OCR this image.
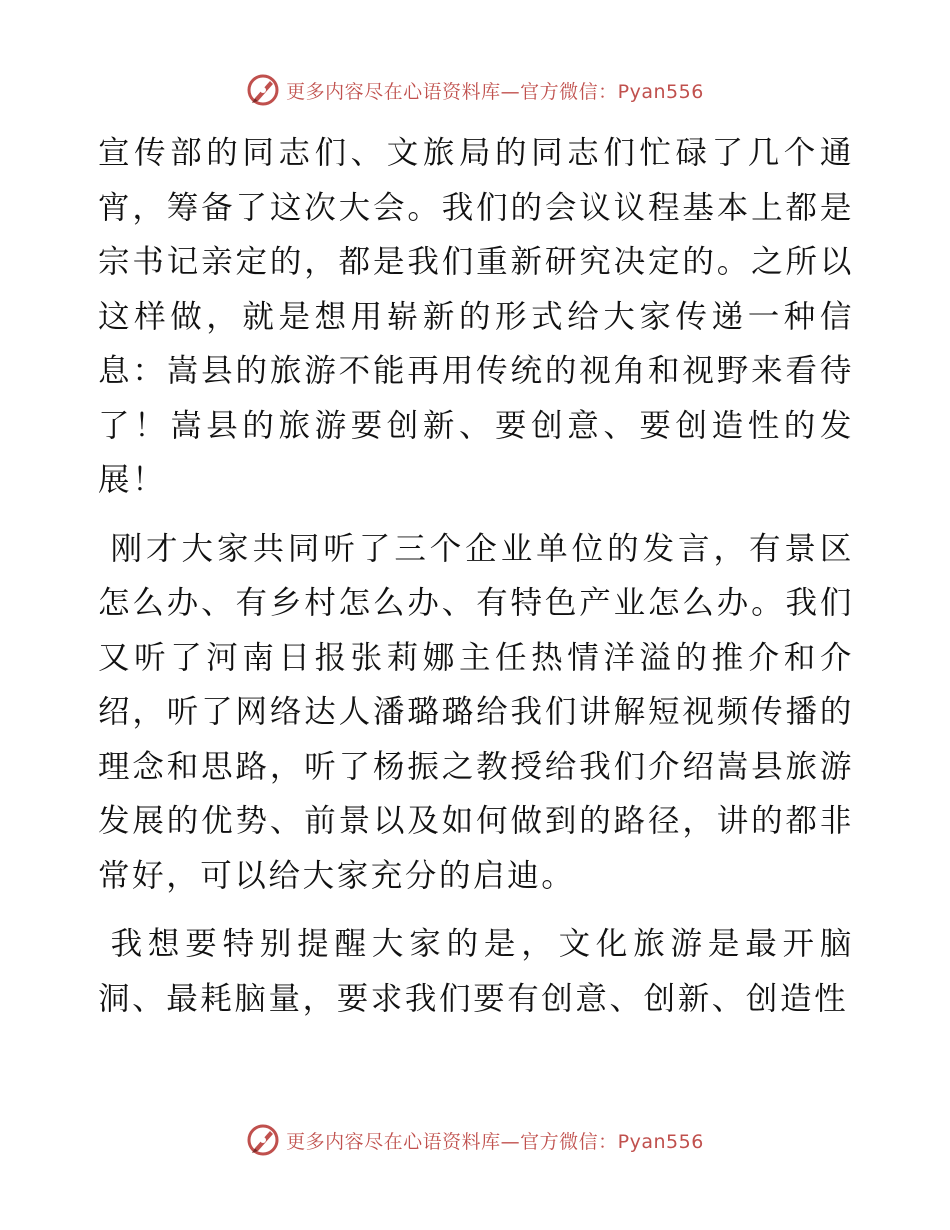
更多内容尽在心语资料库—官方微信：Pyan556

宣传部的同志们、文旅局的同志们忙碌了几个通宵，筹备了这次大会。我们的会议议程基本上都是宗书记亲定的，都是我们重新研究决定的。之所以这样做，就是想用崭新的形式给大家传递一种信息：嵩县的旅游不能再用传统的视角和视野来看待了！嵩县的旅游要创新、要创意、要创造性的发展！

刚才大家共同听了三个企业单位的发言，有景区怎么办、有乡村怎么办、有特色产业怎么办。我们又听了河南日报张莉娜主任热情洋溢的推介和介绍，听了网络达人潘璐璐给我们讲解短视频传播的理念和思路，听了杨振之教授给我们介绍嵩县旅游发展的优势、前景以及如何做到的路径，讲的都非常好，可以给大家充分的启迪。

我想要特别提醒大家的是，文化旅游是最开脑洞、最耗脑量，要求我们要有创意、创新、创造性

更多内容尽在心语资料库—官方微信：Pyan556
